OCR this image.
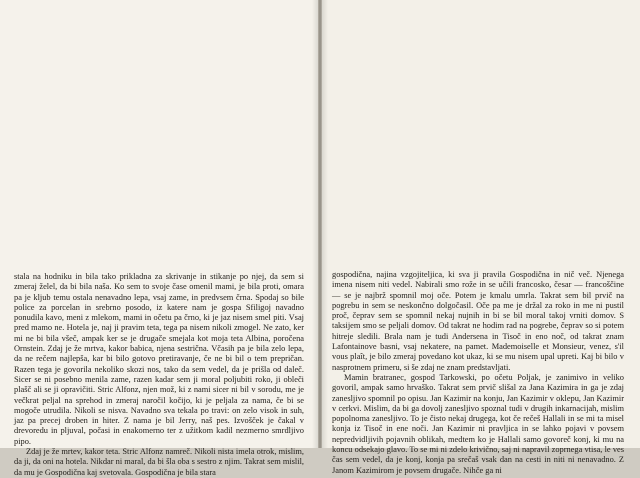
stala na hodniku in bila tako prikladna za skrivanje in stikanje po njej, da sem si zmeraj želel, da bi bila naša. Ko sem to svoje čase omenil mami, je bila proti, omara pa je kljub temu ostala nenavadno lepa, vsaj zame, in predvsem črna. Spodaj so bile police za porcelan in srebrno posodo, iz katere nam je gospa Sfiligoj navadno ponudila kavo, meni z mlekom, mami in očetu pa črno, ki je jaz nisem smel piti. Vsaj pred mamo ne. Hotela je, naj ji pravim teta, tega pa nisem nikoli zmogel. Ne zato, ker mi ne bi bila všeč, ampak ker se je drugače smejala kot moja teta Albina, poročena Ornstein. Zdaj je že mrtva, kakor babica, njena sestrična. Včasih pa je bila zelo lepa, da ne rečem najlepša, kar bi bilo gotovo pretiravanje, če ne bi bil o tem prepričan. Razen tega je govorila nekoliko skozi nos, tako da sem vedel, da je prišla od daleč. Sicer se ni posebno menila zame, razen kadar sem ji moral poljubiti roko, ji obleči plašč ali se ji opravičiti. Stric Alfonz, njen mož, ki z nami sicer ni bil v sorodu, me je večkrat peljal na sprehod in zmeraj naročil kočijo, ki je peljala za nama, če bi se mogoče utrudila. Nikoli se nisva. Navadno sva tekala po travi: on zelo visok in suh, jaz pa precej droben in hiter. Z nama je bil Jerry, naš pes. Izvošček je čakal v drevoredu in pljuval, počasi in enakomerno ter z užitkom kadil nezmerno smrdljivo pipo.

Zdaj je že mrtev, kakor teta. Stric Alfonz namreč. Nikoli nista imela otrok, mislim, da ji, da oni na hotela. Nikdar ni maral, da bi šla oba s sestro z njim. Takrat sem mislil, da mu je Gospodična kaj svetovala. Gospodična je bila stara

gospodična, najina vzgojiteljica, ki sva ji pravila Gospodična in nič več. Njenega imena nisem niti vedel. Nabirali smo rože in se učili francosko, česar — francoščine — se je najbrž spomnil moj oče. Potem je kmalu umrla. Takrat sem bil prvič na pogrebu in sem se neskončno dolgočasil. Oče pa me je držal za roko in me ni pustil proč, čeprav sem se spomnil nekaj nujnih in bi se bil moral takoj vrniti domov. S taksijem smo se peljali domov. Od takrat ne hodim rad na pogrebe, čeprav so si potem hitreje sledili. Brala nam je tudi Andersena in Tisoč in eno noč, od takrat znam Lafontainove basni, vsaj nekatere, na pamet. Mademoiselle et Monsieur, venez, s'il vous plaît, je bilo zmeraj povedano kot ukaz, ki se mu nisem upal upreti. Kaj bi bilo v nasprotnem primeru, si še zdaj ne znam predstavljati.

Mamin bratranec, gospod Tarkowski, po očetu Poljak, je zanimivo in veliko govoril, ampak samo hrvaško. Takrat sem prvič slišal za Jana Kazimira in ga je zdaj zanesljivo spomnil po opisu. Jan Kazimir na konju, Jan Kazimir v oklepu, Jan Kazimir v cerkvi. Mislim, da bi ga dovolj zanesljivo spoznal tudi v drugih inkarnacijah, mislim popolnoma zanesljivo. To je čisto nekaj drugega, kot če rečeš Hallali in se mi ta misel konja iz Tisoč in ene noči. Jan Kazimir ni pravljica in se lahko pojavi v povsem nepredvidljivih pojavnih oblikah, medtem ko je Hallali samo govoreč konj, ki mu na koncu odsekajo glavo. To se mi ni zdelo krivično, saj ni napravil zoprnega vtisa, le ves čas sem vedel, da je konj, konja pa srečaš vsak dan na cesti in niti ni nenavadno. Z Janom Kazimirom je povsem drugače. Nihče ga ni
